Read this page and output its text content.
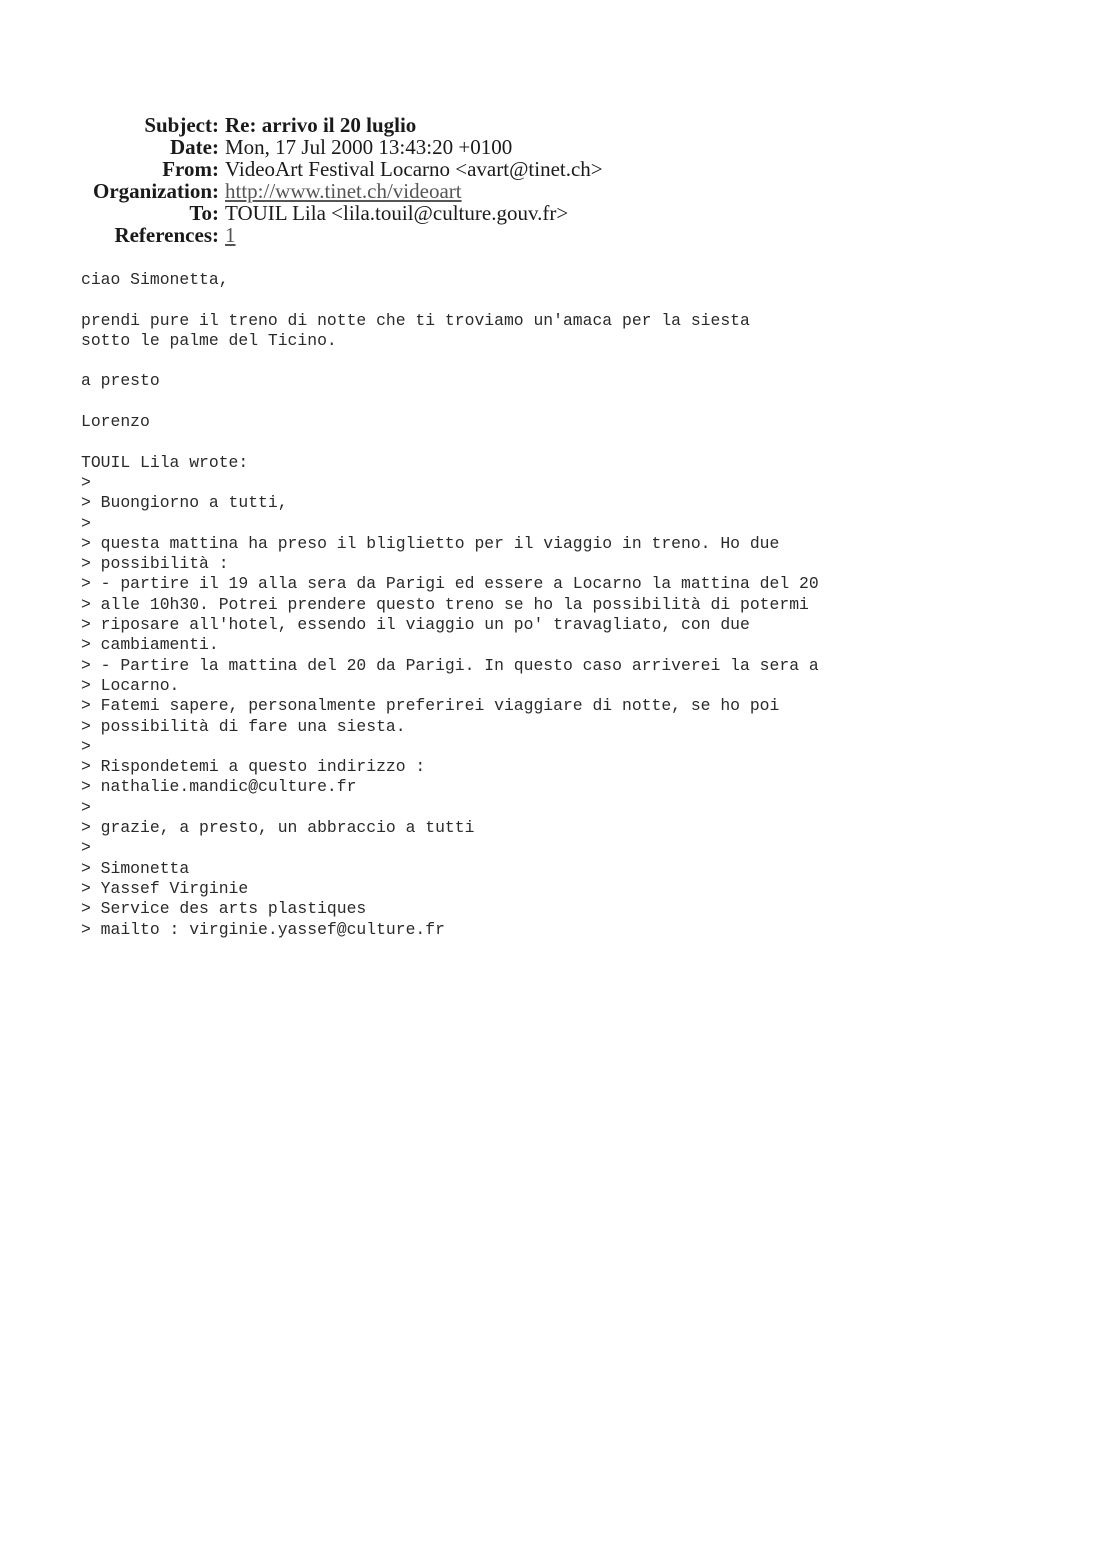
Subject:	Re: arrivo il 20 luglio
Date:	Mon, 17 Jul 2000 13:43:20 +0100
From:	VideoArt Festival Locarno <avart@tinet.ch>
Organization:	http://www.tinet.ch/videoart
To:	TOUIL Lila <lila.touil@culture.gouv.fr>
References:	1
ciao Simonetta,
prendi pure il treno di notte che ti troviamo un'amaca per la siesta
sotto le palme del Ticino.
a presto
Lorenzo
TOUIL Lila wrote:
>
> Buongiorno a tutti,
>
> questa mattina ha preso il bliglietto per il viaggio in treno. Ho due
> possibilità :
> - partire il 19 alla sera da Parigi ed essere a Locarno la mattina del 20
> alle 10h30. Potrei prendere questo treno se ho la possibilità di potermi
> riposare all'hotel, essendo il viaggio un po' travagliato, con due
> cambiamenti.
> - Partire la mattina del 20 da Parigi. In questo caso arriverei la sera a
> Locarno.
> Fatemi sapere, personalmente preferirei viaggiare di notte, se ho poi
> possibilità di fare una siesta.
>
> Rispondetemi a questo indirizzo :
> nathalie.mandic@culture.fr
>
> grazie, a presto, un abbraccio a tutti
>
> Simonetta
> Yassef Virginie
> Service des arts plastiques
> mailto : virginie.yassef@culture.fr
